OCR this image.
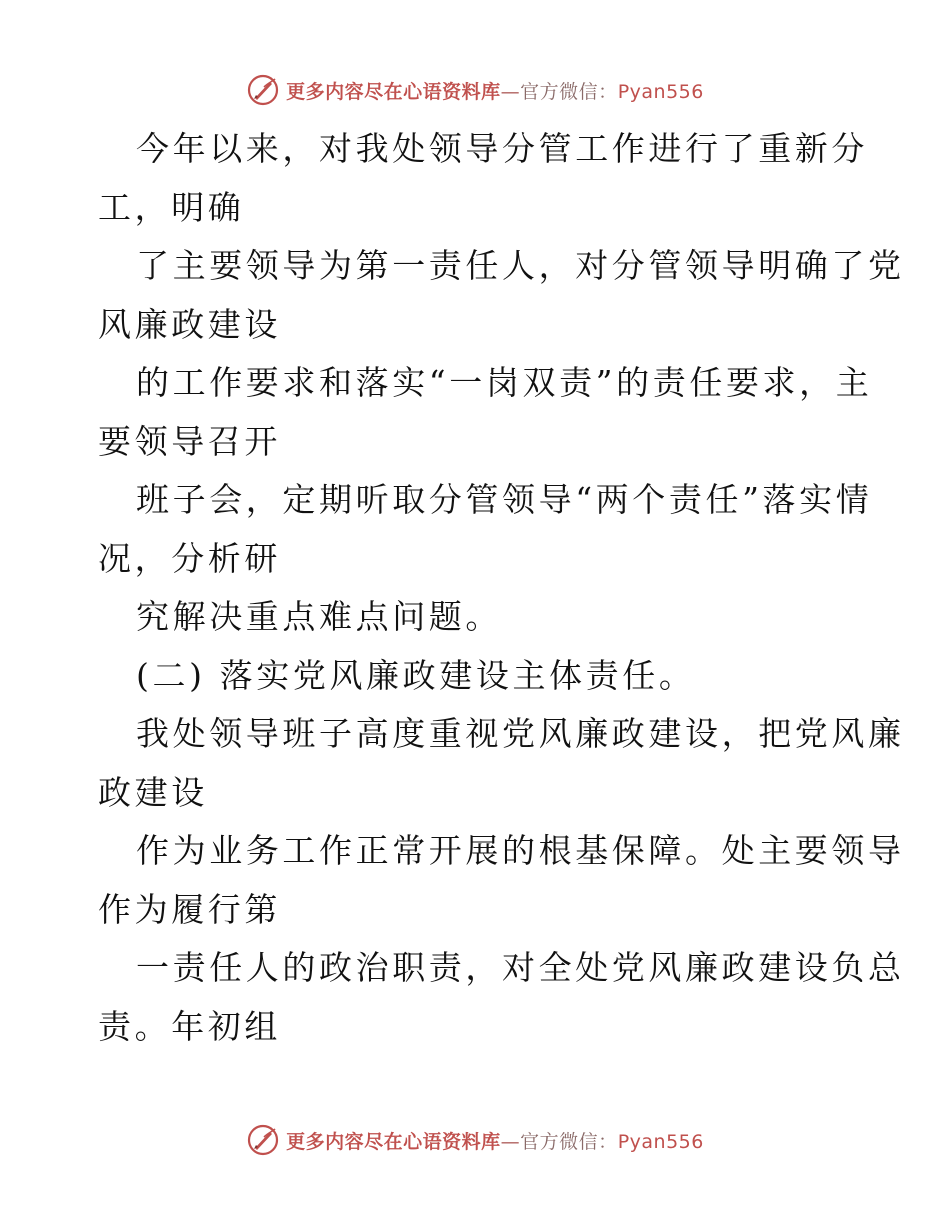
更多内容尽在心语资料库—官方微信：Pyan556
今年以来，对我处领导分管工作进行了重新分
工，明确
了主要领导为第一责任人，对分管领导明确了党
风廉政建设
的工作要求和落实“一岗双责”的责任要求，主
要领导召开
班子会，定期听取分管领导“两个责任”落实情
况，分析研
究解决重点难点问题。
(二) 落实党风廉政建设主体责任。
我处领导班子高度重视党风廉政建设，把党风廉
政建设
作为业务工作正常开展的根基保障。处主要领导
作为履行第
一责任人的政治职责，对全处党风廉政建设负总
责。年初组
更多内容尽在心语资料库—官方微信：Pyan556
